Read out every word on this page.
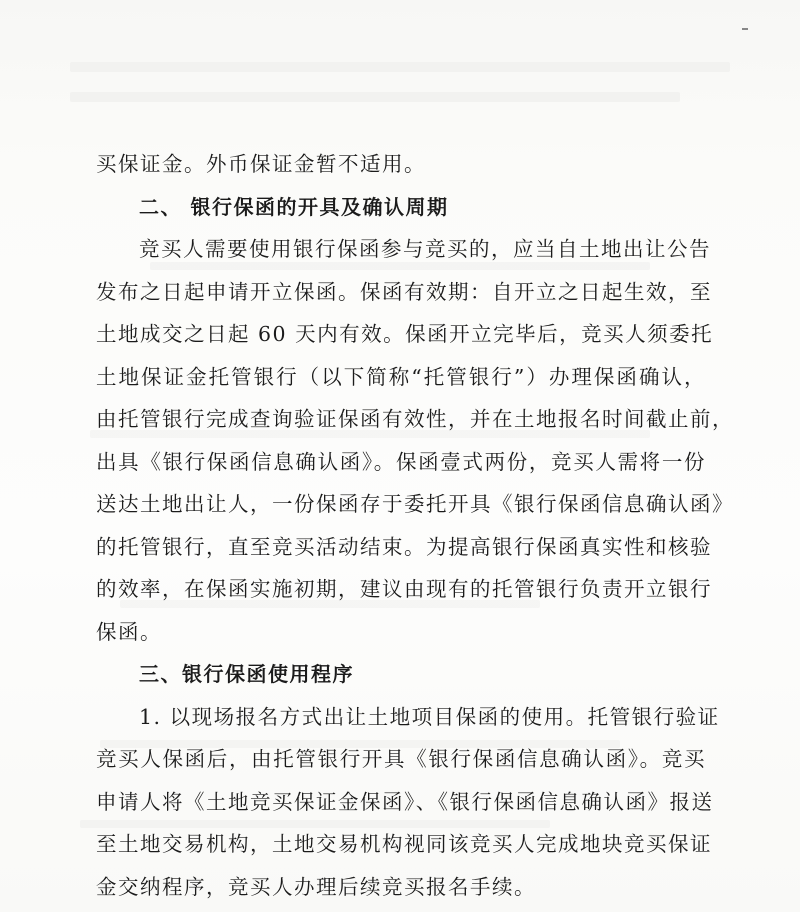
买保证金。外币保证金暂不适用。
二、 银行保函的开具及确认周期
竞买人需要使用银行保函参与竞买的，应当自土地出让公告
发布之日起申请开立保函。保函有效期：自开立之日起生效，至
土地成交之日起 60 天内有效。保函开立完毕后，竞买人须委托
土地保证金托管银行（以下简称“托管银行”）办理保函确认，
由托管银行完成查询验证保函有效性，并在土地报名时间截止前，
出具《银行保函信息确认函》。保函壹式两份，竞买人需将一份
送达土地出让人，一份保函存于委托开具《银行保函信息确认函》
的托管银行，直至竞买活动结束。为提高银行保函真实性和核验
的效率，在保函实施初期，建议由现有的托管银行负责开立银行
保函。
三、银行保函使用程序
1. 以现场报名方式出让土地项目保函的使用。托管银行验证
竞买人保函后，由托管银行开具《银行保函信息确认函》。竞买
申请人将《土地竞买保证金保函》、《银行保函信息确认函》报送
至土地交易机构，土地交易机构视同该竞买人完成地块竞买保证
金交纳程序，竞买人办理后续竞买报名手续。
